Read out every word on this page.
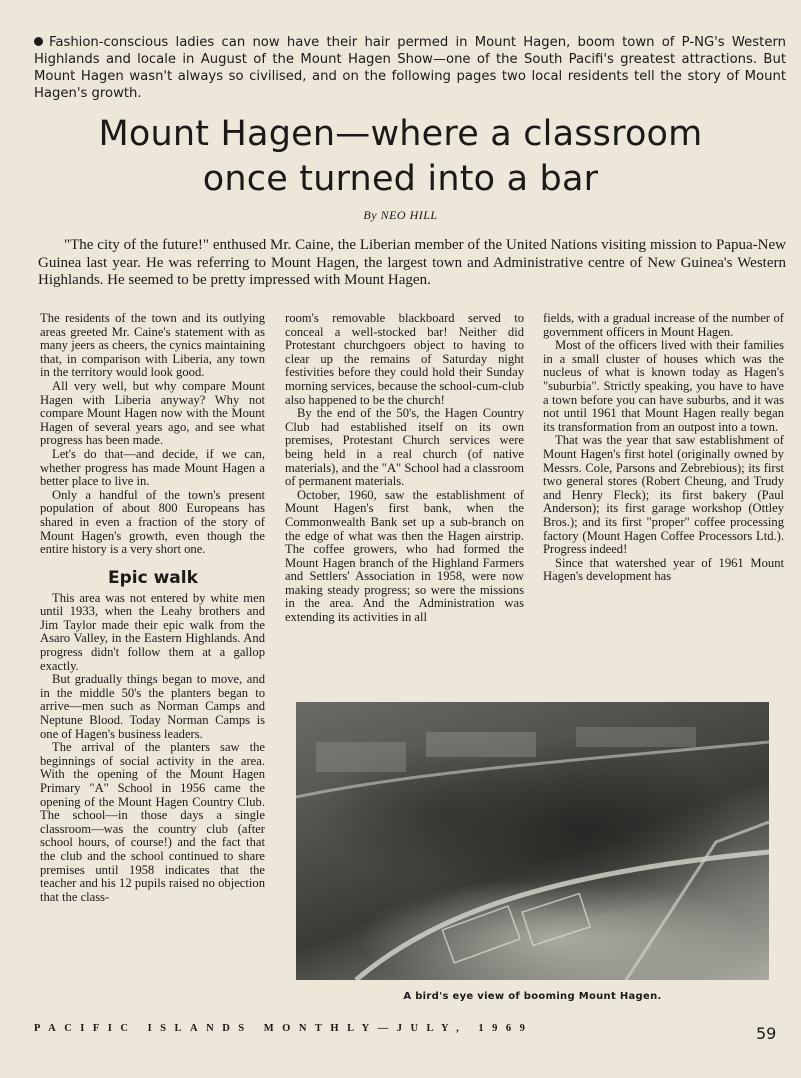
Fashion-conscious ladies can now have their hair permed in Mount Hagen, boom town of P-NG's Western Highlands and locale in August of the Mount Hagen Show—one of the South Pacifi's greatest attractions. But Mount Hagen wasn't always so civilised, and on the following pages two local residents tell the story of Mount Hagen's growth.

Mount Hagen—where a classroom
once turned into a bar
By NEO HILL

"The city of the future!" enthused Mr. Caine, the Liberian member of the United Nations visiting mission to Papua-New Guinea last year. He was referring to Mount Hagen, the largest town and Administrative centre of New Guinea's Western Highlands. He seemed to be pretty impressed with Mount Hagen.

The residents of the town and its outlying areas greeted Mr. Caine's statement with as many jeers as cheers, the cynics maintaining that, in comparison with Liberia, any town in the territory would look good.

All very well, but why compare Mount Hagen with Liberia anyway? Why not compare Mount Hagen now with the Mount Hagen of several years ago, and see what progress has been made.

Let's do that—and decide, if we can, whether progress has made Mount Hagen a better place to live in.

Only a handful of the town's present population of about 800 Europeans has shared in even a fraction of the story of Mount Hagen's growth, even though the entire history is a very short one.

Epic walk

This area was not entered by white men until 1933, when the Leahy brothers and Jim Taylor made their epic walk from the Asaro Valley, in the Eastern Highlands. And progress didn't follow them at a gallop exactly.

But gradually things began to move, and in the middle 50's the planters began to arrive—men such as Norman Camps and Neptune Blood. Today Norman Camps is one of Hagen's business leaders.

The arrival of the planters saw the beginnings of social activity in the area. With the opening of the Mount Hagen Primary "A" School in 1956 came the opening of the Mount Hagen Country Club. The school—in those days a single classroom—was the country club (after school hours, of course!) and the fact that the club and the school continued to share premises until 1958 indicates that the teacher and his 12 pupils raised no objection that the class-

room's removable blackboard served to conceal a well-stocked bar! Neither did Protestant churchgoers object to having to clear up the remains of Saturday night festivities before they could hold their Sunday morning services, because the school-cum-club also happened to be the church!

By the end of the 50's, the Hagen Country Club had established itself on its own premises, Protestant Church services were being held in a real church (of native materials), and the "A" School had a classroom of permanent materials.

October, 1960, saw the establishment of Mount Hagen's first bank, when the Commonwealth Bank set up a sub-branch on the edge of what was then the Hagen airstrip. The coffee growers, who had formed the Mount Hagen branch of the Highland Farmers and Settlers' Association in 1958, were now making steady progress; so were the missions in the area. And the Administration was extending its activities in all

fields, with a gradual increase of the number of government officers in Mount Hagen.

Most of the officers lived with their families in a small cluster of houses which was the nucleus of what is known today as Hagen's "suburbia". Strictly speaking, you have to have a town before you can have suburbs, and it was not until 1961 that Mount Hagen really began its transformation from an outpost into a town.

That was the year that saw establishment of Mount Hagen's first hotel (originally owned by Messrs. Cole, Parsons and Zebrebious); its first two general stores (Robert Cheung, and Trudy and Henry Fleck); its first bakery (Paul Anderson); its first garage workshop (Ottley Bros.); and its first "proper" coffee processing factory (Mount Hagen Coffee Processors Ltd.). Progress indeed!

Since that watershed year of 1961 Mount Hagen's development has

A bird's eye view of booming Mount Hagen.
PACIFIC ISLANDS MONTHLY—JULY, 1969	59
